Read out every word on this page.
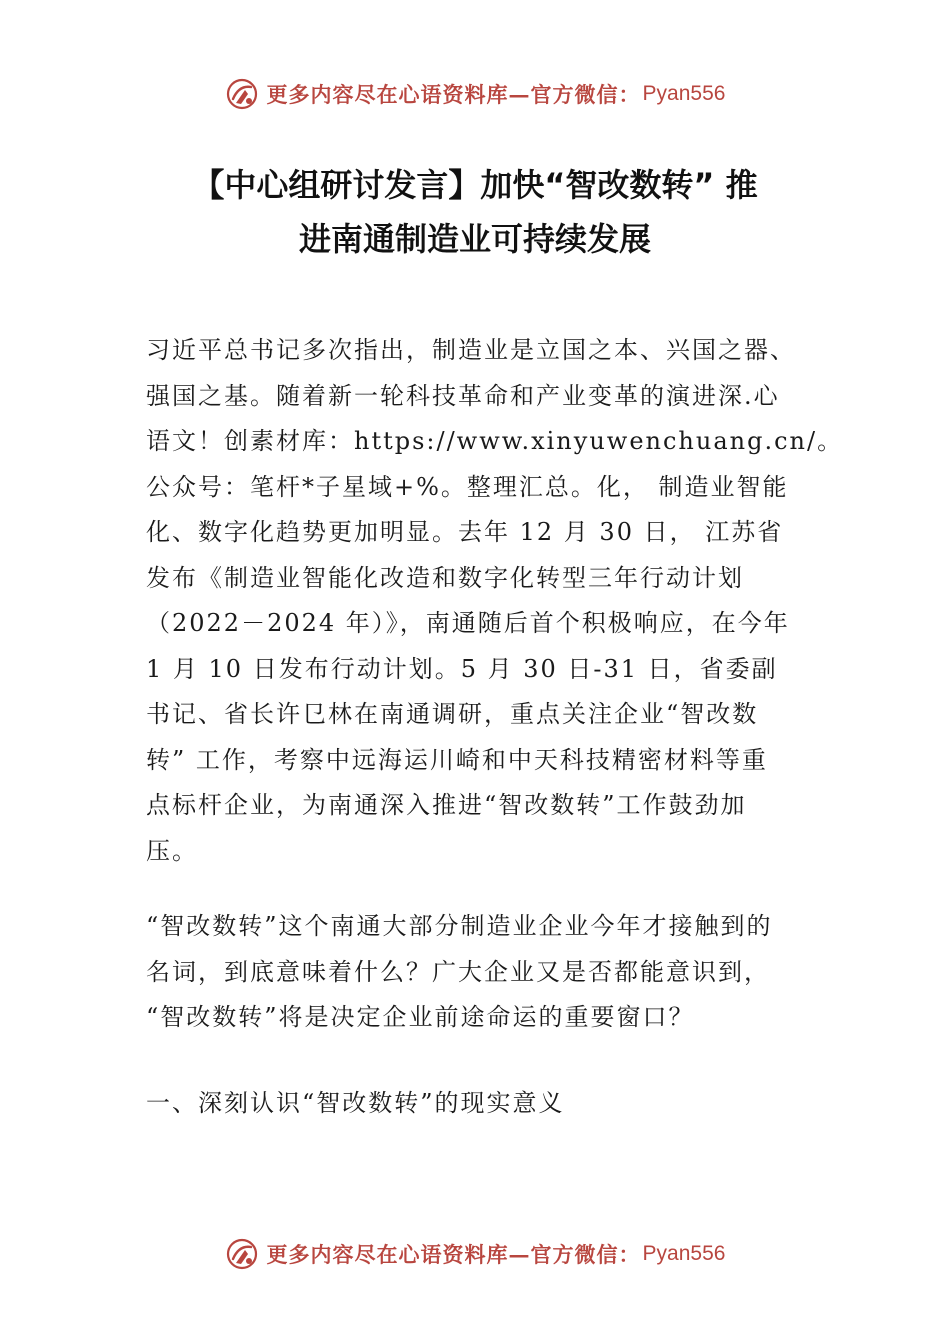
更多内容尽在心语资料库—官方微信： Pyan556
【中心组研讨发言】加快“智改数转” 推
进南通制造业可持续发展
习近平总书记多次指出，制造业是立国之本、兴国之器、
强国之基。随着新一轮科技革命和产业变革的演进深.心
语文！创素材库：https://www.xinyuwenchuang.cn/。
公众号：笔杆*子星域+%。整理汇总。化， 制造业智能
化、数字化趋势更加明显。去年 12 月 30 日， 江苏省
发布《制造业智能化改造和数字化转型三年行动计划
（2022－2024 年）》，南通随后首个积极响应，在今年
1 月 10 日发布行动计划。5 月 30 日-31 日，省委副
书记、省长许㔾林在南通调研，重点关注企业“智改数
转” 工作，考察中远海运川崎和中天科技精密材料等重
点标杆企业，为南通深入推进“智改数转”工作鼓劲加
压。
“智改数转”这个南通大部分制造业企业今年才接触到的
名词，到底意味着什么？广大企业又是否都能意识到，
“智改数转”将是决定企业前途命运的重要窗口？
一、深刻认识“智改数转”的现实意义
更多内容尽在心语资料库—官方微信： Pyan556
